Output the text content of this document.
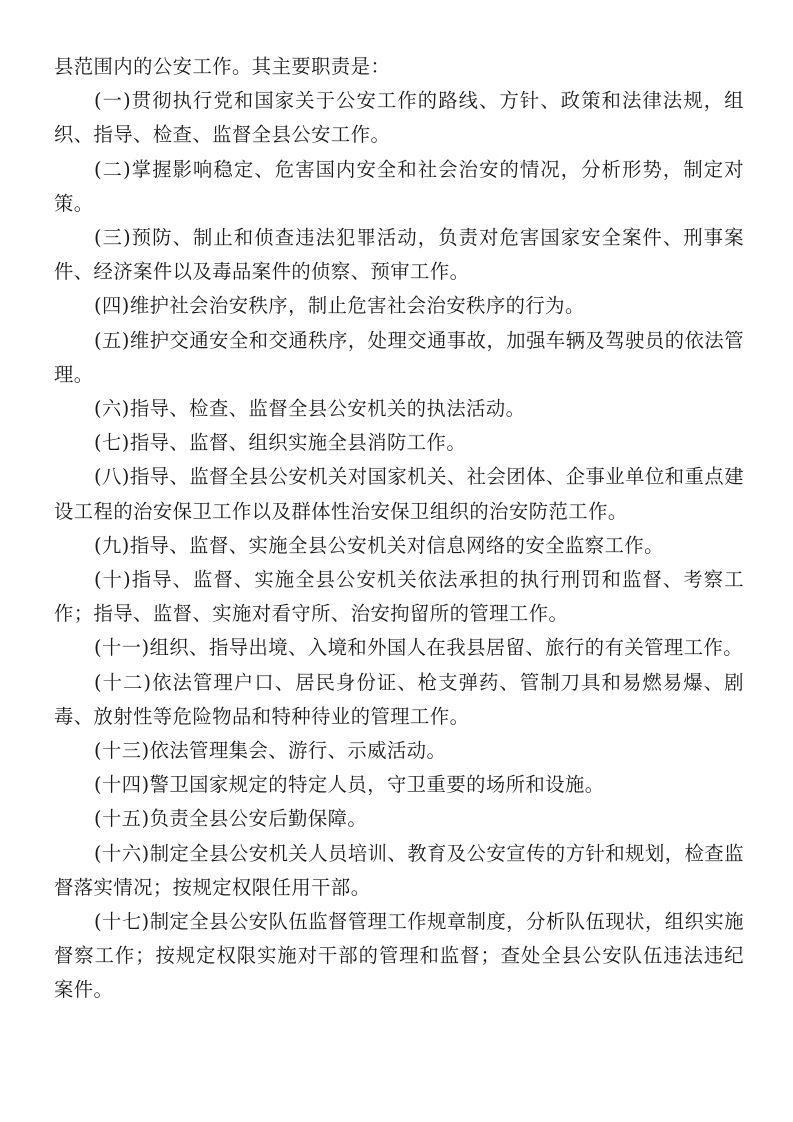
县范围内的公安工作。其主要职责是：

(一)贯彻执行党和国家关于公安工作的路线、方针、政策和法律法规，组织、指导、检查、监督全县公安工作。

(二)掌握影响稳定、危害国内安全和社会治安的情况，分析形势，制定对策。

(三)预防、制止和侦查违法犯罪活动，负责对危害国家安全案件、刑事案件、经济案件以及毒品案件的侦察、预审工作。

(四)维护社会治安秩序，制止危害社会治安秩序的行为。

(五)维护交通安全和交通秩序，处理交通事故，加强车辆及驾驶员的依法管理。

(六)指导、检查、监督全县公安机关的执法活动。

(七)指导、监督、组织实施全县消防工作。

(八)指导、监督全县公安机关对国家机关、社会团体、企事业单位和重点建设工程的治安保卫工作以及群体性治安保卫组织的治安防范工作。

(九)指导、监督、实施全县公安机关对信息网络的安全监察工作。

(十)指导、监督、实施全县公安机关依法承担的执行刑罚和监督、考察工作；指导、监督、实施对看守所、治安拘留所的管理工作。

(十一)组织、指导出境、入境和外国人在我县居留、旅行的有关管理工作。

(十二)依法管理户口、居民身份证、枪支弹药、管制刀具和易燃易爆、剧毒、放射性等危险物品和特种待业的管理工作。

(十三)依法管理集会、游行、示威活动。

(十四)警卫国家规定的特定人员，守卫重要的场所和设施。

(十五)负责全县公安后勤保障。

(十六)制定全县公安机关人员培训、教育及公安宣传的方针和规划，检查监督落实情况；按规定权限任用干部。

(十七)制定全县公安队伍监督管理工作规章制度，分析队伍现状，组织实施督察工作；按规定权限实施对干部的管理和监督；查处全县公安队伍违法违纪案件。
